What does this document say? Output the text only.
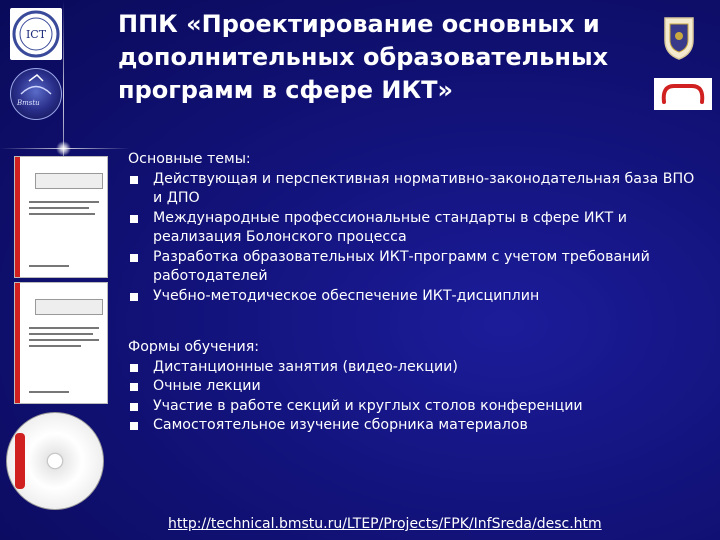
ICT
Bmstu
ППК «Проектирование основных и дополнительных образовательных программ в сфере ИКТ»

Основные темы:

Действующая и перспективная нормативно-законодательная база ВПО и ДПО
Международные профессиональные стандарты в сфере ИКТ и реализация Болонского процесса
Разработка образовательных ИКТ-программ с учетом требований работодателей
Учебно-методическое обеспечение ИКТ-дисциплин

Формы обучения:

Дистанционные занятия (видео-лекции)
Очные лекции
Участие в работе секций и круглых столов конференции
Самостоятельное изучение сборника материалов
http://technical.bmstu.ru/LTEP/Projects/FPK/InfSreda/desc.htm
